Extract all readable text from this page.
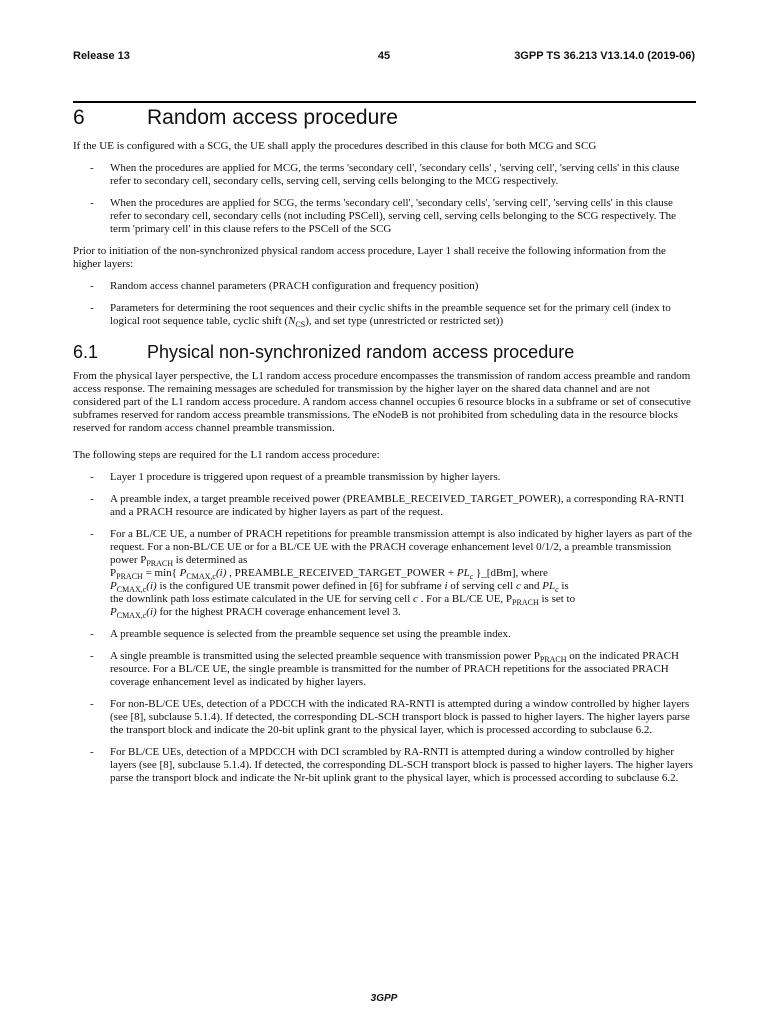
Release 13	45	3GPP TS 36.213 V13.14.0 (2019-06)
6	Random access procedure

If the UE is configured with a SCG, the UE shall apply the procedures described in this clause for both MCG and SCG

- When the procedures are applied for MCG, the terms 'secondary cell', 'secondary cells' , 'serving cell', 'serving cells' in this clause refer to secondary cell, secondary cells, serving cell, serving cells belonging to the MCG respectively.
- When the procedures are applied for SCG, the terms 'secondary cell', 'secondary cells', 'serving cell', 'serving cells' in this clause refer to secondary cell, secondary cells (not including PSCell), serving cell, serving cells belonging to the SCG respectively. The term 'primary cell' in this clause refers to the PSCell of the SCG

Prior to initiation of the non-synchronized physical random access procedure, Layer 1 shall receive the following information from the higher layers:

- Random access channel parameters (PRACH configuration and frequency position)
- Parameters for determining the root sequences and their cyclic shifts in the preamble sequence set for the primary cell (index to logical root sequence table, cyclic shift $(N_{CS})$, and set type (unrestricted or restricted set))
6.1	Physical non-synchronized random access procedure

From the physical layer perspective, the L1 random access procedure encompasses the transmission of random access preamble and random access response. The remaining messages are scheduled for transmission by the higher layer on the shared data channel and are not considered part of the L1 random access procedure. A random access channel occupies 6 resource blocks in a subframe or set of consecutive subframes reserved for random access preamble transmissions. The eNodeB is not prohibited from scheduling data in the resource blocks reserved for random access channel preamble transmission.

The following steps are required for the L1 random access procedure:

- Layer 1 procedure is triggered upon request of a preamble transmission by higher layers.
- A preamble index, a target preamble received power (PREAMBLE_RECEIVED_TARGET_POWER), a corresponding RA-RNTI and a PRACH resource are indicated by higher layers as part of the request.
- For a BL/CE UE, a number of PRACH repetitions for preamble transmission attempt is also indicated by higher layers as part of the request. For a non-BL/CE UE or for a BL/CE UE with the PRACH coverage enhancement level 0/1/2, a preamble transmission power $P_{PRACH}$ is determined as
$P_{PRACH} = \min${ $P_{CMAX,c}(i)$ , PREAMBLE_RECEIVED_TARGET_POWER + $PL_c$ }_[dBm], where
$P_{CMAX,c}(i)$ is the configured UE transmit power defined in [6] for subframe i of serving cell c and $PL_c$ is
the downlink path loss estimate calculated in the UE for serving cell c . For a BL/CE UE, $P_{PRACH}$ is set to
$P_{CMAX,c}(i)$ for the highest PRACH coverage enhancement level 3.
- A preamble sequence is selected from the preamble sequence set using the preamble index.
- A single preamble is transmitted using the selected preamble sequence with transmission power $P_{PRACH}$ on the indicated PRACH resource. For a BL/CE UE, the single preamble is transmitted for the number of PRACH repetitions for the associated PRACH coverage enhancement level as indicated by higher layers.
- For non-BL/CE UEs, detection of a PDCCH with the indicated RA-RNTI is attempted during a window controlled by higher layers (see [8], subclause 5.1.4). If detected, the corresponding DL-SCH transport block is passed to higher layers. The higher layers parse the transport block and indicate the 20-bit uplink grant to the physical layer, which is processed according to subclause 6.2.
- For BL/CE UEs, detection of a MPDCCH with DCI scrambled by RA-RNTI is attempted during a window controlled by higher layers (see [8], subclause 5.1.4). If detected, the corresponding DL-SCH transport block is passed to higher layers. The higher layers parse the transport block and indicate the Nr-bit uplink grant to the physical layer, which is processed according to subclause 6.2.
3GPP
